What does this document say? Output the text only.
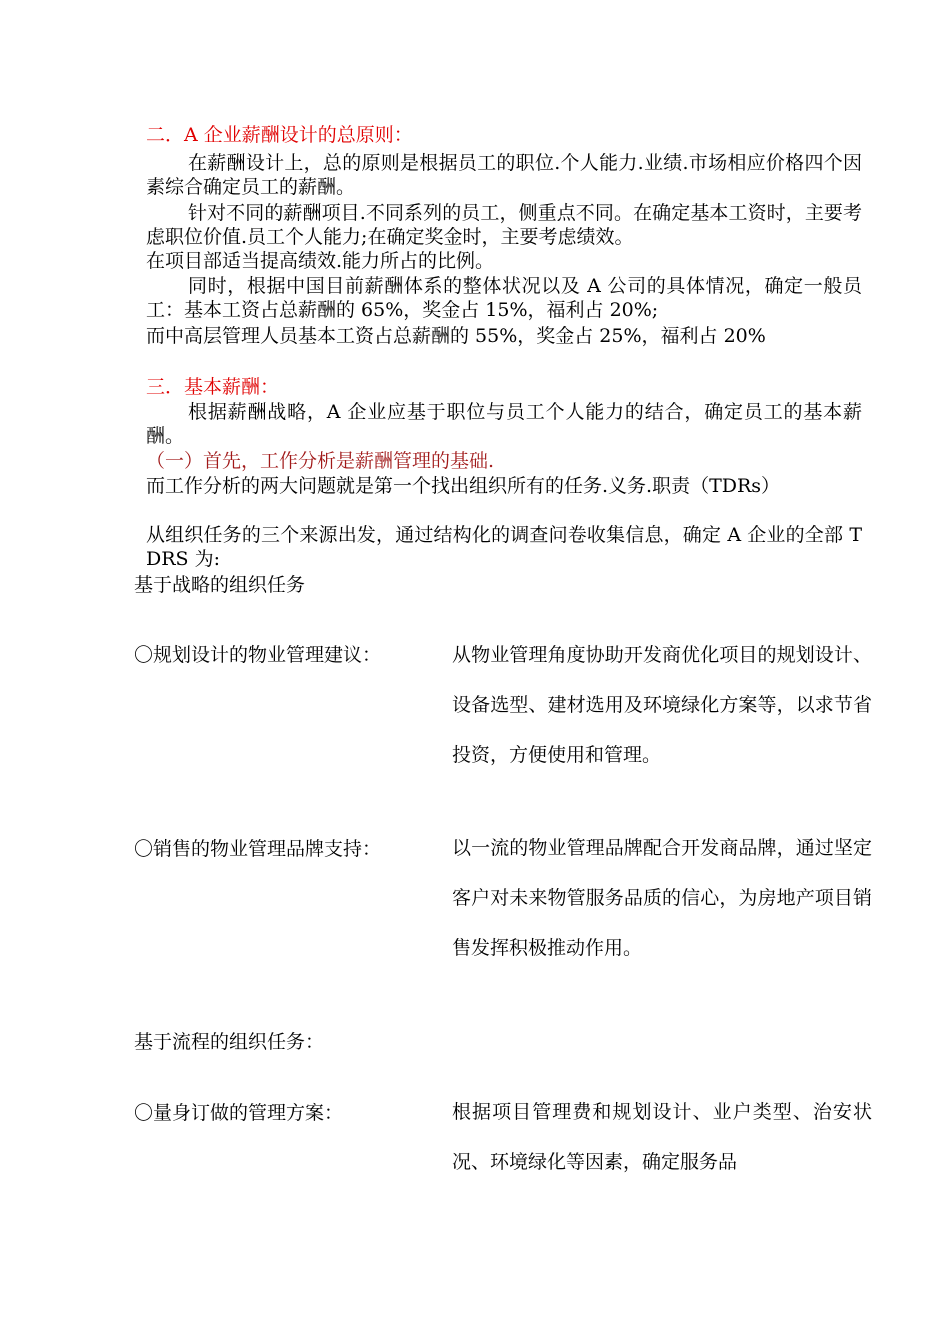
二．A 企业薪酬设计的总原则：
在薪酬设计上，总的原则是根据员工的职位.个人能力.业绩.市场相应价格四个因素综合确定员工的薪酬。
针对不同的薪酬项目.不同系列的员工，侧重点不同。在确定基本工资时，主要考虑职位价值.员工个人能力;在确定奖金时，主要考虑绩效。
在项目部适当提高绩效.能力所占的比例。
同时，根据中国目前薪酬体系的整体状况以及 A 公司的具体情况，确定一般员工：基本工资占总薪酬的 65%，奖金占 15%，福利占 20%;
而中高层管理人员基本工资占总薪酬的 55%，奖金占 25%，福利占 20%
三．基本薪酬：
根据薪酬战略，A 企业应基于职位与员工个人能力的结合，确定员工的基本薪酬。
（一）首先，工作分析是薪酬管理的基础.
而工作分析的两大问题就是第一个找出组织所有的任务.义务.职责（TDRs）
从组织任务的三个来源出发，通过结构化的调查问卷收集信息，确定 A 企业的全部 TDRS 为:
基于战略的组织任务
〇规划设计的物业管理建议：	从物业管理角度协助开发商优化项目的规划设计、设备选型、建材选用及环境绿化方案等，以求节省投资，方便使用和管理。
〇销售的物业管理品牌支持：	以一流的物业管理品牌配合开发商品牌，通过坚定客户对未来物管服务品质的信心，为房地产项目销售发挥积极推动作用。
基于流程的组织任务：
〇量身订做的管理方案：	根据项目管理费和规划设计、业户类型、治安状况、环境绿化等因素，确定服务品
